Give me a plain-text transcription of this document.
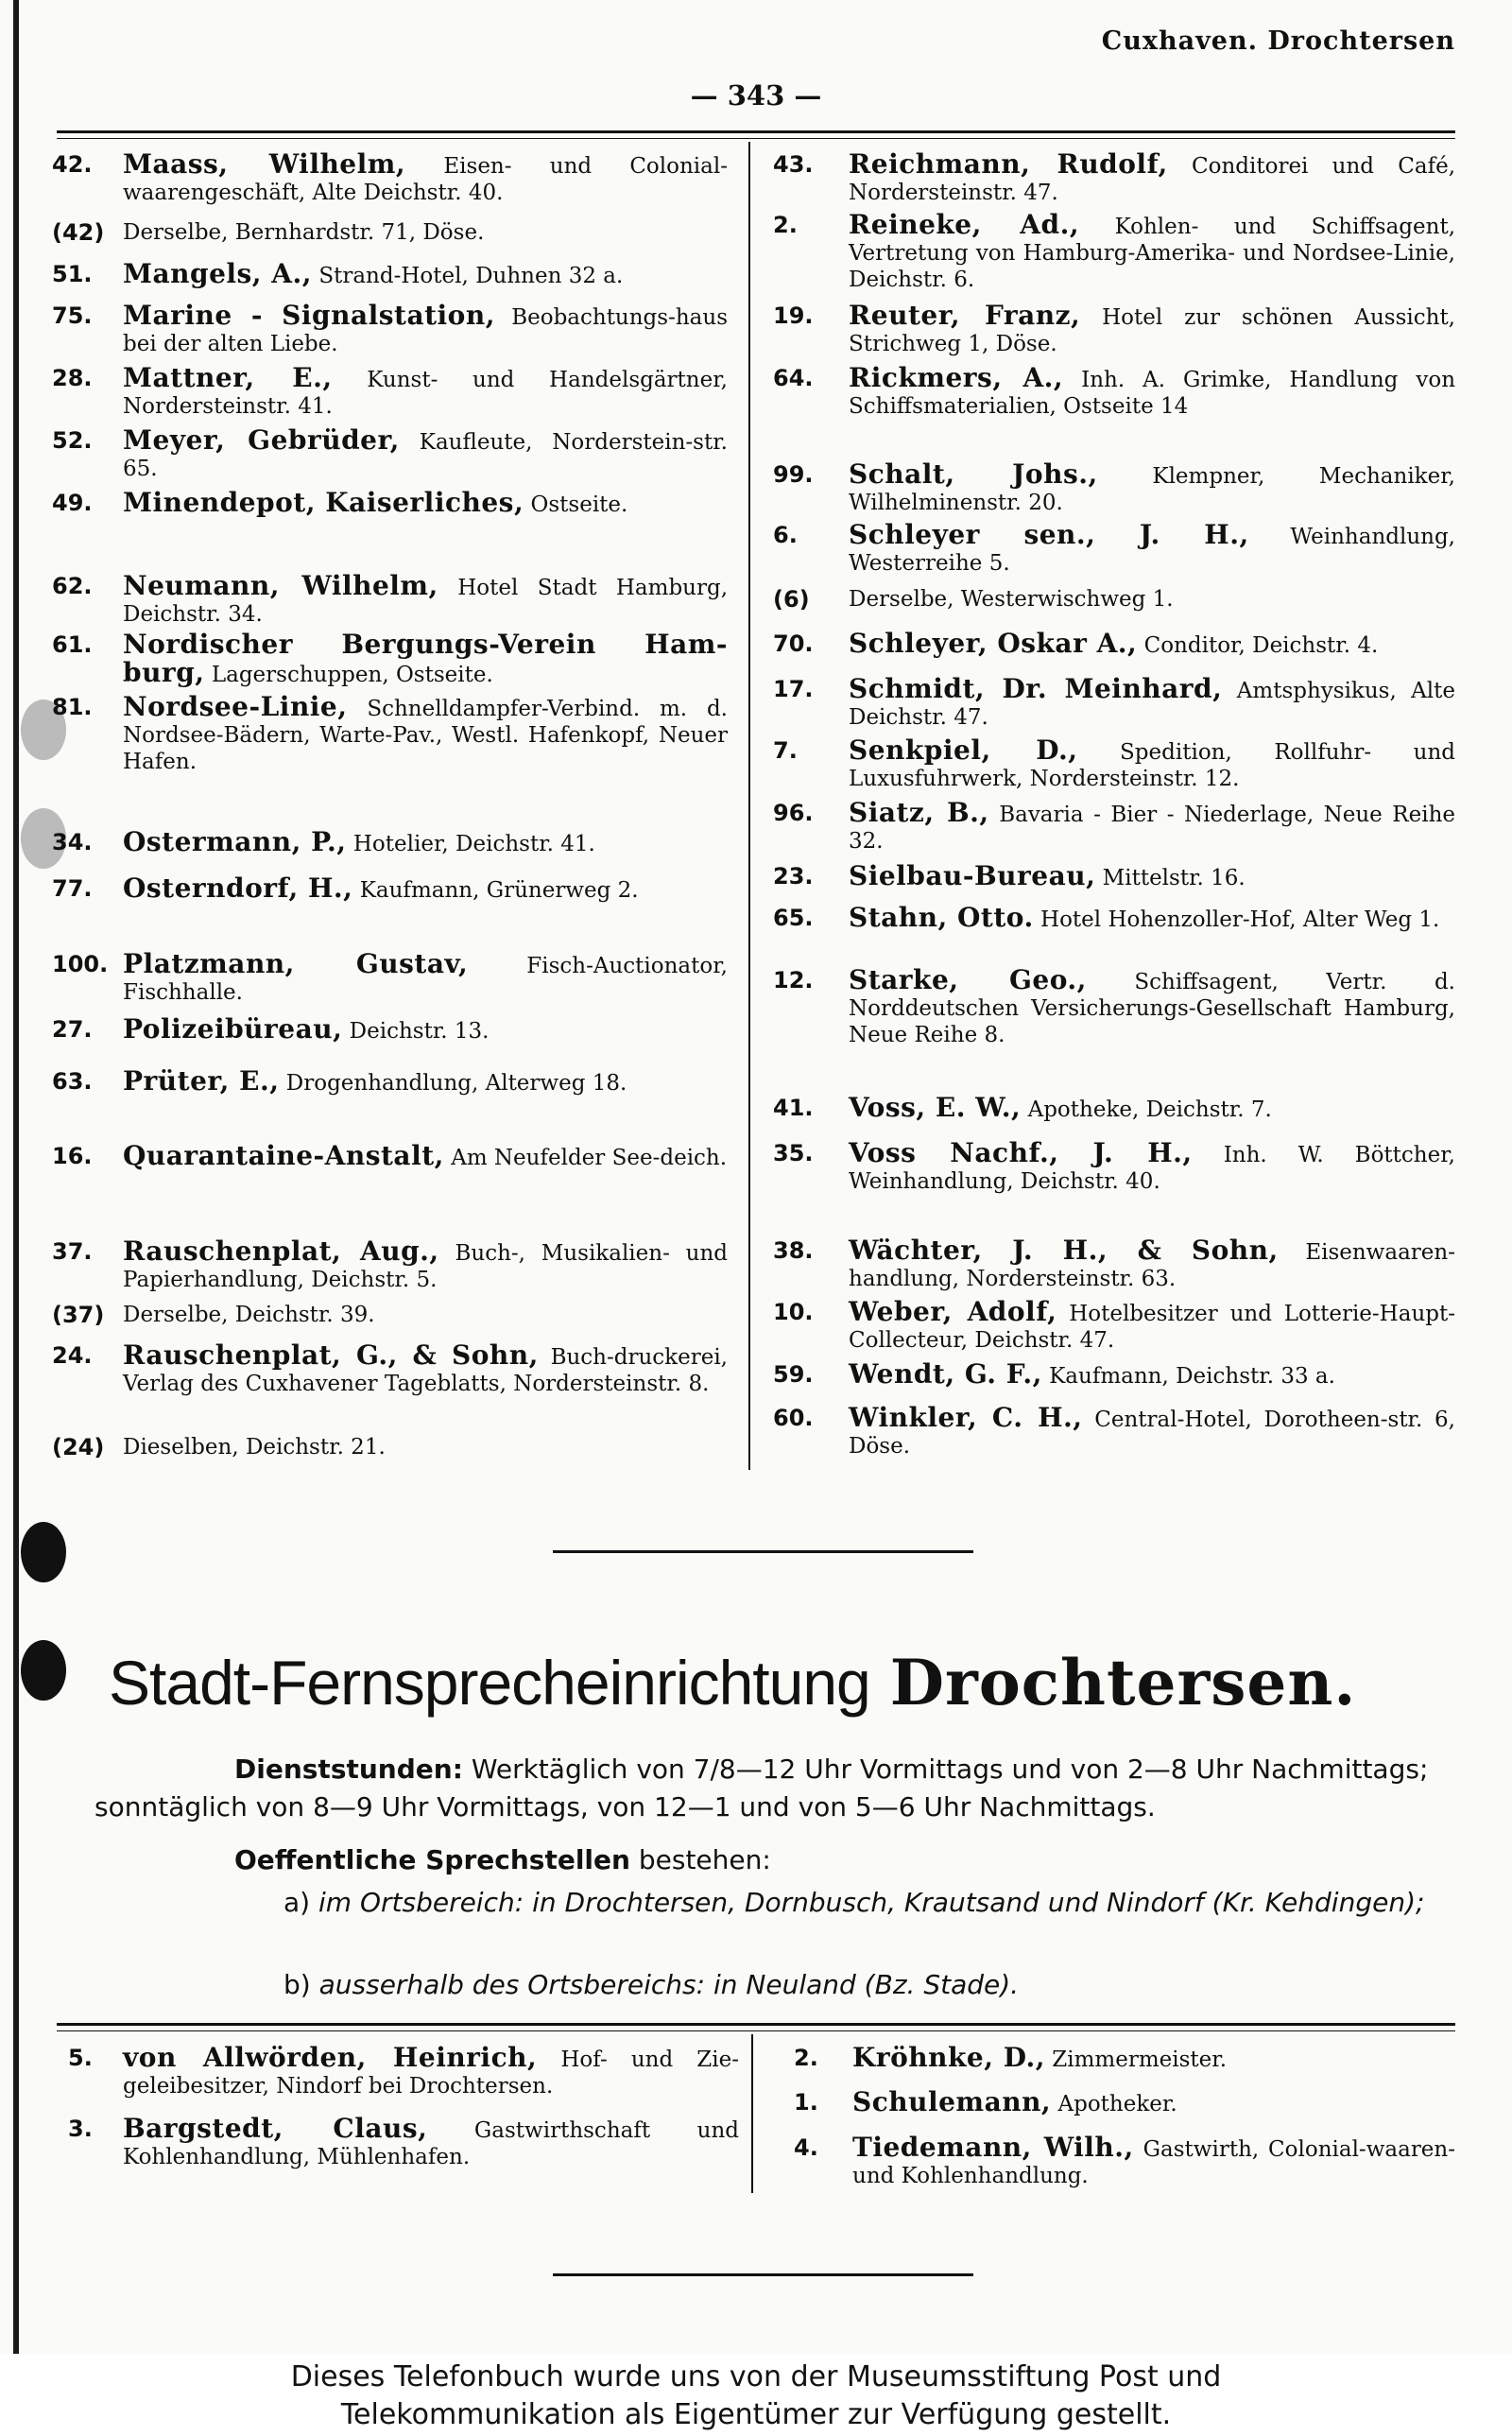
Cuxhaven. Drochtersen
— 343 —
42. Maass, Wilhelm, Eisen- und Colonial-waarengeschäft, Alte Deichstr. 40.
(42) Derselbe, Bernhardstr. 71, Döse.
51. Mangels, A., Strand-Hotel, Duhnen 32 a.
75. Marine - Signalstation, Beobachtungs-haus bei der alten Liebe.
28. Mattner, E., Kunst- und Handelsgärtner, Nordersteinstr. 41.
52. Meyer, Gebrüder, Kaufleute, Norderstein-str. 65.
49. Minendepot, Kaiserliches, Ostseite.
62. Neumann, Wilhelm, Hotel Stadt Hamburg, Deichstr. 34.
61. Nordischer Bergungs-Verein Ham-burg, Lagerschuppen, Ostseite.
81. Nordsee-Linie, Schnelldampfer-Verbind. m. d. Nordsee-Bädern, Warte-Pav., Westl. Hafenkopf, Neuer Hafen.
34. Ostermann, P., Hotelier, Deichstr. 41.
77. Osterndorf, H., Kaufmann, Grünerweg 2.
100. Platzmann, Gustav,	Fisch-Auctionator, Fischhalle.
27. Polizeibüreau, Deichstr. 13.
63. Prüter, E., Drogenhandlung, Alterweg 18.
16. Quarantaine-Anstalt, Am Neufelder See-deich.
37. Rauschenplat, Aug., Buch-, Musikalien- und Papierhandlung, Deichstr. 5.
(37) Derselbe, Deichstr. 39.
24. Rauschenplat, G., & Sohn, Buch-druckerei, Verlag des Cuxhavener Tageblatts, Nordersteinstr. 8.
(24) Dieselben, Deichstr. 21.
43. Reichmann, Rudolf, Conditorei und Café, Nordersteinstr. 47.
2. Reineke, Ad., Kohlen- und Schiffsagent, Vertretung von Hamburg-Amerika- und Nordsee-Linie, Deichstr. 6.
19. Reuter, Franz, Hotel zur schönen Aussicht, Strichweg 1, Döse.
64. Rickmers, A., Inh. A. Grimke, Handlung von Schiffsmaterialien, Ostseite 14
99. Schalt, Johs.,	Klempner, Mechaniker, Wilhelminenstr. 20.
6. Schleyer sen., J. H., Weinhandlung, Westerreihe 5.
(6) Derselbe, Westerwischweg 1.
70. Schleyer, Oskar A., Conditor, Deichstr. 4.
17. Schmidt, Dr. Meinhard, Amtsphysikus, Alte Deichstr. 47.
7. Senkpiel, D., Spedition, Rollfuhr- und Luxusfuhrwerk, Nordersteinstr. 12.
96. Siatz, B., Bavaria - Bier - Niederlage, Neue Reihe 32.
23. Sielbau-Bureau, Mittelstr. 16.
65. Stahn, Otto. Hotel Hohenzoller-Hof, Alter Weg 1.
12. Starke, Geo., Schiffsagent, Vertr. d. Norddeutschen Versicherungs-Gesellschaft Hamburg, Neue Reihe 8.
41. Voss, E. W., Apotheke, Deichstr. 7.
35. Voss Nachf., J. H., Inh. W. Böttcher, Weinhandlung, Deichstr. 40.
38. Wächter, J. H., & Sohn, Eisenwaaren-handlung, Nordersteinstr. 63.
10. Weber, Adolf, Hotelbesitzer und Lotterie-Haupt-Collecteur, Deichstr. 47.
59. Wendt, G. F., Kaufmann, Deichstr. 33 a.
60. Winkler, C. H., Central-Hotel, Dorotheen-str. 6, Döse.
Stadt-Fernsprecheinrichtung Drochtersen.
Dienststunden: Werktäglich von 7/8—12 Uhr Vormittags und von 2—8 Uhr Nachmittags; sonntäglich von 8—9 Uhr Vormittags, von 12—1 und von 5—6 Uhr Nachmittags.
Oeffentliche Sprechstellen bestehen:
a) im Ortsbereich: in Drochtersen, Dornbusch, Krautsand und Nindorf (Kr. Kehdingen);
b) ausserhalb des Ortsbereichs: in Neuland (Bz. Stade).
5. von Allwörden, Heinrich, Hof- und Zie-geleibesitzer, Nindorf bei Drochtersen.
3. Bargstedt, Claus, Gastwirthschaft und Kohlenhandlung, Mühlenhafen.
2. Kröhnke, D., Zimmermeister.
1. Schulemann, Apotheker.
4. Tiedemann, Wilh., Gastwirth, Colonial-waaren- und Kohlenhandlung.
Dieses Telefonbuch wurde uns von der Museumsstiftung Post und
Telekommunikation als Eigentümer zur Verfügung gestellt.
